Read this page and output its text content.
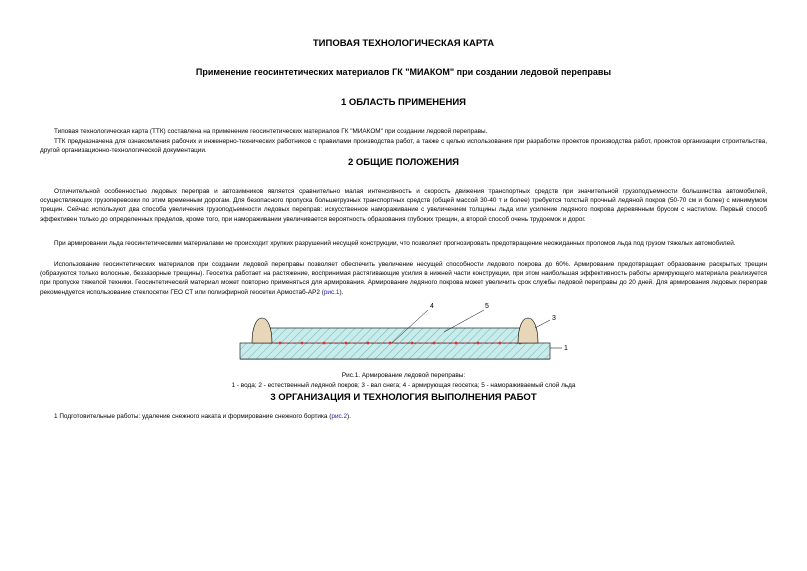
ТИПОВАЯ ТЕХНОЛОГИЧЕСКАЯ КАРТА
Применение геосинтетических материалов ГК "МИАКОМ" при создании ледовой переправы
1 ОБЛАСТЬ ПРИМЕНЕНИЯ

Типовая технологическая карта (ТТК) составлена на применение геосинтетических материалов ГК "МИАКОМ" при создании ледовой переправы.

ТТК предназначена для ознакомления рабочих и инженерно-технических работников с правилами производства работ, а также с целью использования при разработке проектов производства работ, проектов организации строительства, другой организационно-технологической документации.

2 ОБЩИЕ ПОЛОЖЕНИЯ

Отличительной особенностью ледовых переправ и автозимников является сравнительно малая интенсивность и скорость движения транспортных средств при значительной грузоподъемности большинства автомобилей, осуществляющих грузоперевозки по этим временным дорогам. Для безопасного пропуска большегрузных транспортных средств (общей массой 30-40 т и более) требуется толстый прочный ледяной покров (50-70 см и более) с минимумом трещин. Сейчас используют два способа увеличения грузоподъемности ледовых переправ: искусственное намораживание с увеличением толщины льда или усиление ледяного покрова деревянным брусом с настилом. Первый способ эффективен только до определенных пределов, кроме того, при намораживании увеличивается вероятность образования глубоких трещин, а второй способ очень трудоемок и дорог.

При армировании льда геосинтетическими материалами не происходит хрупких разрушений несущей конструкции, что позволяет прогнозировать предотвращение неожиданных проломов льда под грузом тяжелых автомобилей.

Использование геосинтетических материалов при создании ледовой переправы позволяет обеспечить увеличение несущей способности ледового покрова до 60%. Армирование предотвращает образование раскрытых трещин (образуются только волосные, беззазорные трещины). Геосетка работает на растяжение, воспринимая растягивающие усилия в нижней части конструкции, при этом наибольшая эффективность работы армирующего материала реализуется при пропуске тяжелой техники. Геосинтетический материал может повторно применяться для армирования. Армирование ледяного покрова может увеличить срок службы ледовой переправы до 20 дней. Для армирования ледовых переправ рекомендуется использование стеклосетки ГЕО СТ или полиэфирной геосетки Армостаб-АР2 (рис.1).

4	5
3
1
Рис.1. Армирование ледовой переправы:
1 - вода; 2 - естественный ледяной покров; 3 - вал снега; 4 - армирующая геосетка; 5 - намораживаемый слой льда
3 ОРГАНИЗАЦИЯ И ТЕХНОЛОГИЯ ВЫПОЛНЕНИЯ РАБОТ

1 Подготовительные работы: удаление снежного наката и формирование снежного бортика (рис.2).
